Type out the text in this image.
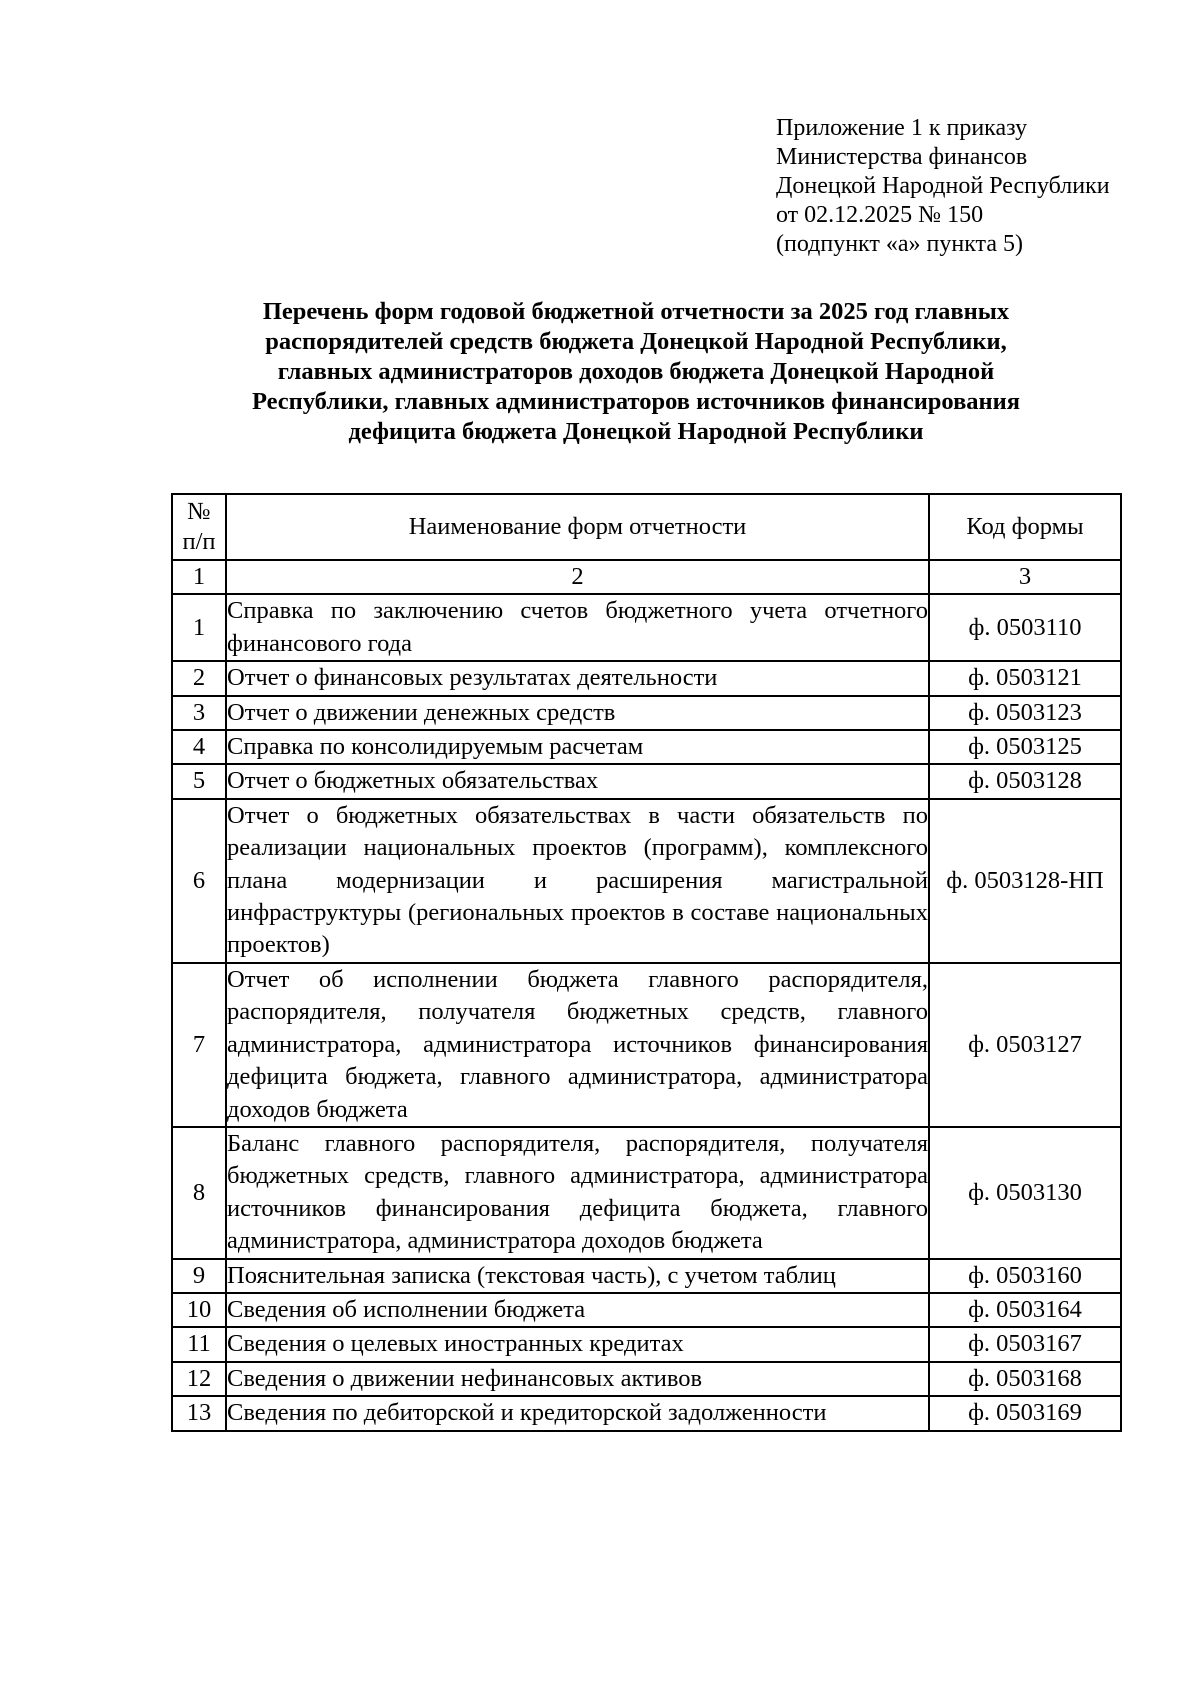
Приложение 1 к приказу
Министерства финансов
Донецкой Народной Республики
от 02.12.2025 № 150
(подпункт «а» пункта 5)
Перечень форм годовой бюджетной отчетности за 2025 год главных
распорядителей средств бюджета Донецкой Народной Республики,
главных администраторов доходов бюджета Донецкой Народной
Республики, главных администраторов источников финансирования
дефицита бюджета Донецкой Народной Республики
№
п/п	Наименование форм отчетности	Код формы
1	2	3
1	Справка по заключению счетов бюджетного учета отчетного финансового года	ф. 0503110
2	Отчет о финансовых результатах деятельности	ф. 0503121
3	Отчет о движении денежных средств	ф. 0503123
4	Справка по консолидируемым расчетам	ф. 0503125
5	Отчет о бюджетных обязательствах	ф. 0503128
6	Отчет о бюджетных обязательствах в части обязательств по реализации национальных проектов (программ), комплексного плана модернизации и расширения магистральной инфраструктуры (региональных проектов в составе национальных проектов)	ф. 0503128-НП
7	Отчет об исполнении бюджета главного распорядителя, распорядителя, получателя бюджетных средств, главного администратора, администратора источников финансирования дефицита бюджета, главного администратора, администратора доходов бюджета	ф. 0503127
8	Баланс главного распорядителя, распорядителя, получателя бюджетных средств, главного администратора, администратора источников финансирования дефицита бюджета, главного администратора, администратора доходов бюджета	ф. 0503130
9	Пояснительная записка (текстовая часть), с учетом таблиц	ф. 0503160
10	Сведения об исполнении бюджета	ф. 0503164
11	Сведения о целевых иностранных кредитах	ф. 0503167
12	Сведения о движении нефинансовых активов	ф. 0503168
13	Сведения по дебиторской и кредиторской задолженности	ф. 0503169
